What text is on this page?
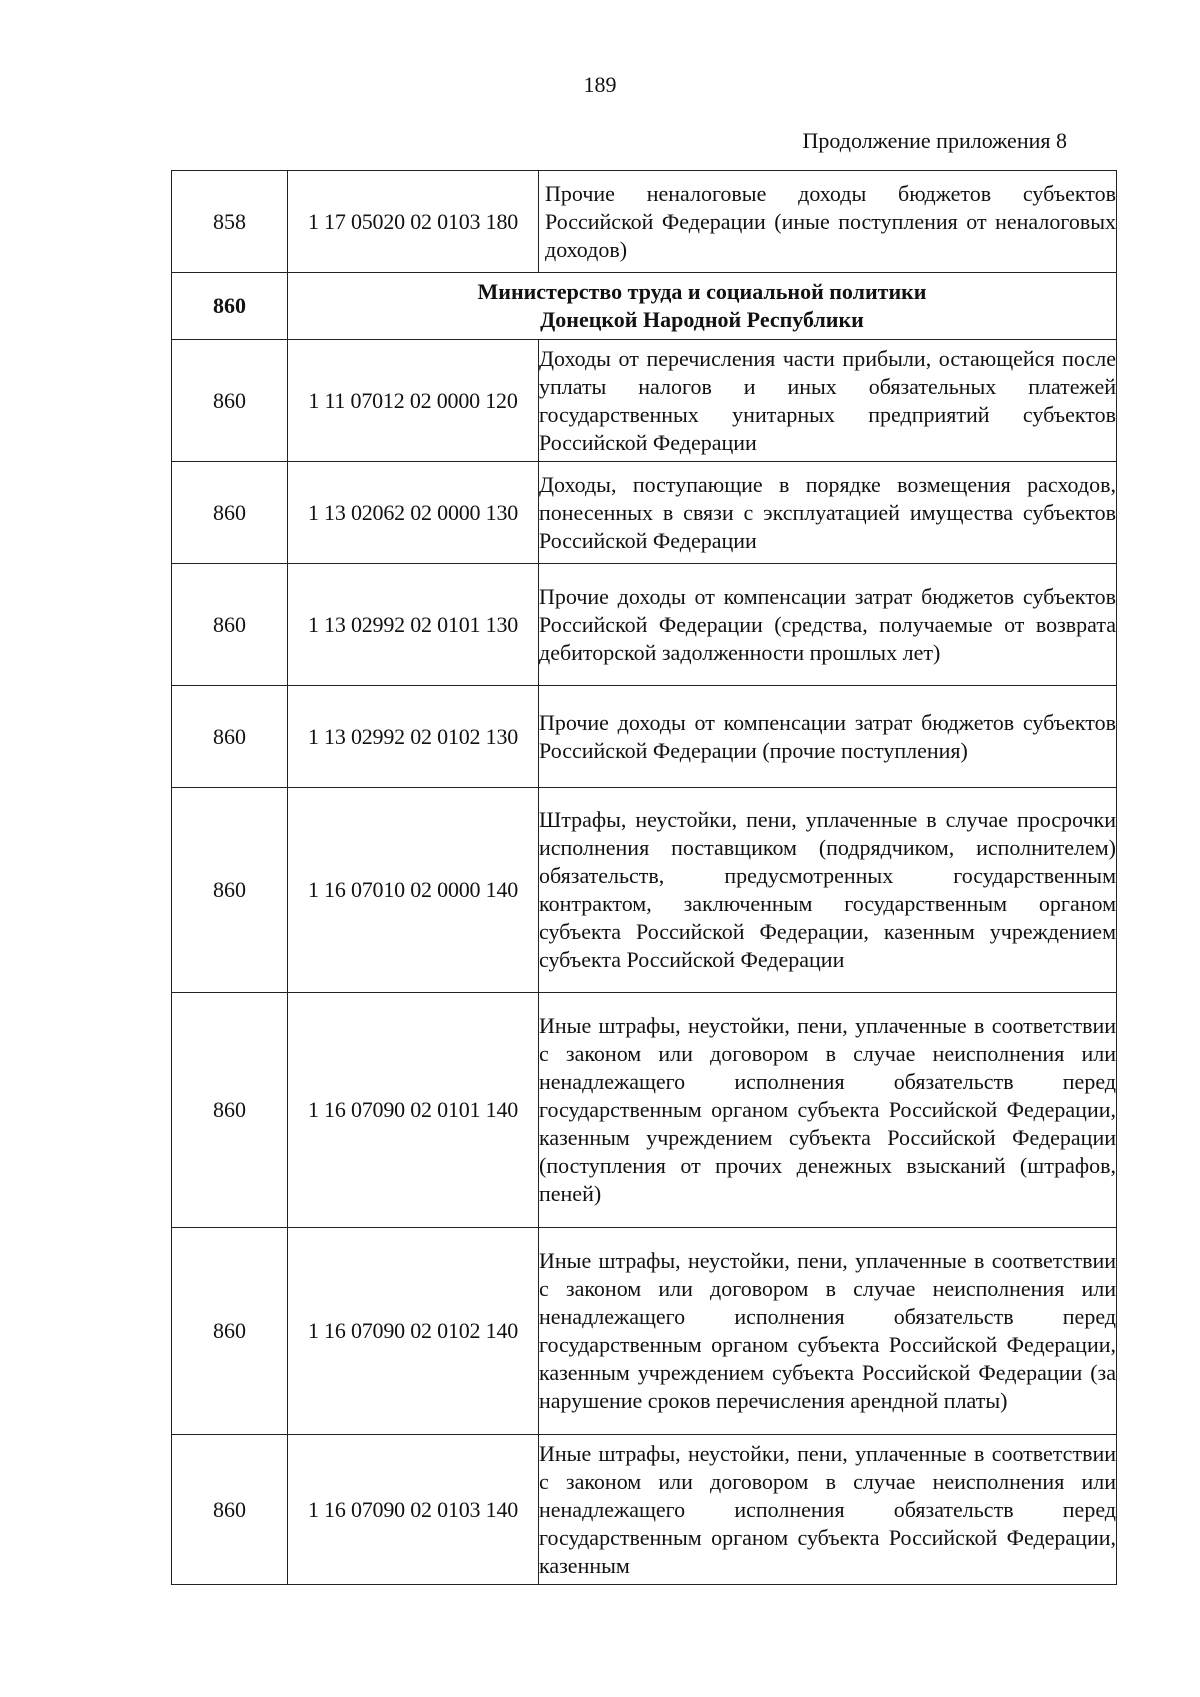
189
Продолжение приложения 8
858	1 17 05020 02 0103 180	Прочие неналоговые доходы бюджетов субъектов Российской Федерации (иные поступления от неналоговых доходов)
860	Министерство труда и социальной политики
Донецкой Народной Республики	

860	1 11 07012 02 0000 120	Доходы от перечисления части прибыли, остающейся после уплаты налогов и иных обязательных платежей государственных унитарных предприятий субъектов Российской Федерации
860	1 13 02062 02 0000 130	Доходы, поступающие в порядке возмещения расходов, понесенных в связи с эксплуатацией имущества субъектов Российской Федерации
860	1 13 02992 02 0101 130	Прочие доходы от компенсации затрат бюджетов субъектов Российской Федерации (средства, получаемые от возврата дебиторской задолженности прошлых лет)
860	1 13 02992 02 0102 130	Прочие доходы от компенсации затрат бюджетов субъектов Российской Федерации (прочие поступления)
860	1 16 07010 02 0000 140	Штрафы, неустойки, пени, уплаченные в случае просрочки исполнения поставщиком (подрядчиком, исполнителем) обязательств, предусмотренных государственным контрактом, заключенным государственным органом субъекта Российской Федерации, казенным учреждением субъекта Российской Федерации
860	1 16 07090 02 0101 140	Иные штрафы, неустойки, пени, уплаченные в соответствии с законом или договором в случае неисполнения или ненадлежащего исполнения обязательств перед государственным органом субъекта Российской Федерации, казенным учреждением субъекта Российской Федерации (поступления от прочих денежных взысканий (штрафов, пеней)
860	1 16 07090 02 0102 140	Иные штрафы, неустойки, пени, уплаченные в соответствии с законом или договором в случае неисполнения или ненадлежащего исполнения обязательств перед государственным органом субъекта Российской Федерации, казенным учреждением субъекта Российской Федерации (за нарушение сроков перечисления арендной платы)
860	1 16 07090 02 0103 140	Иные штрафы, неустойки, пени, уплаченные в соответствии с законом или договором в случае неисполнения или ненадлежащего исполнения обязательств перед государственным органом субъекта Российской Федерации, казенным
